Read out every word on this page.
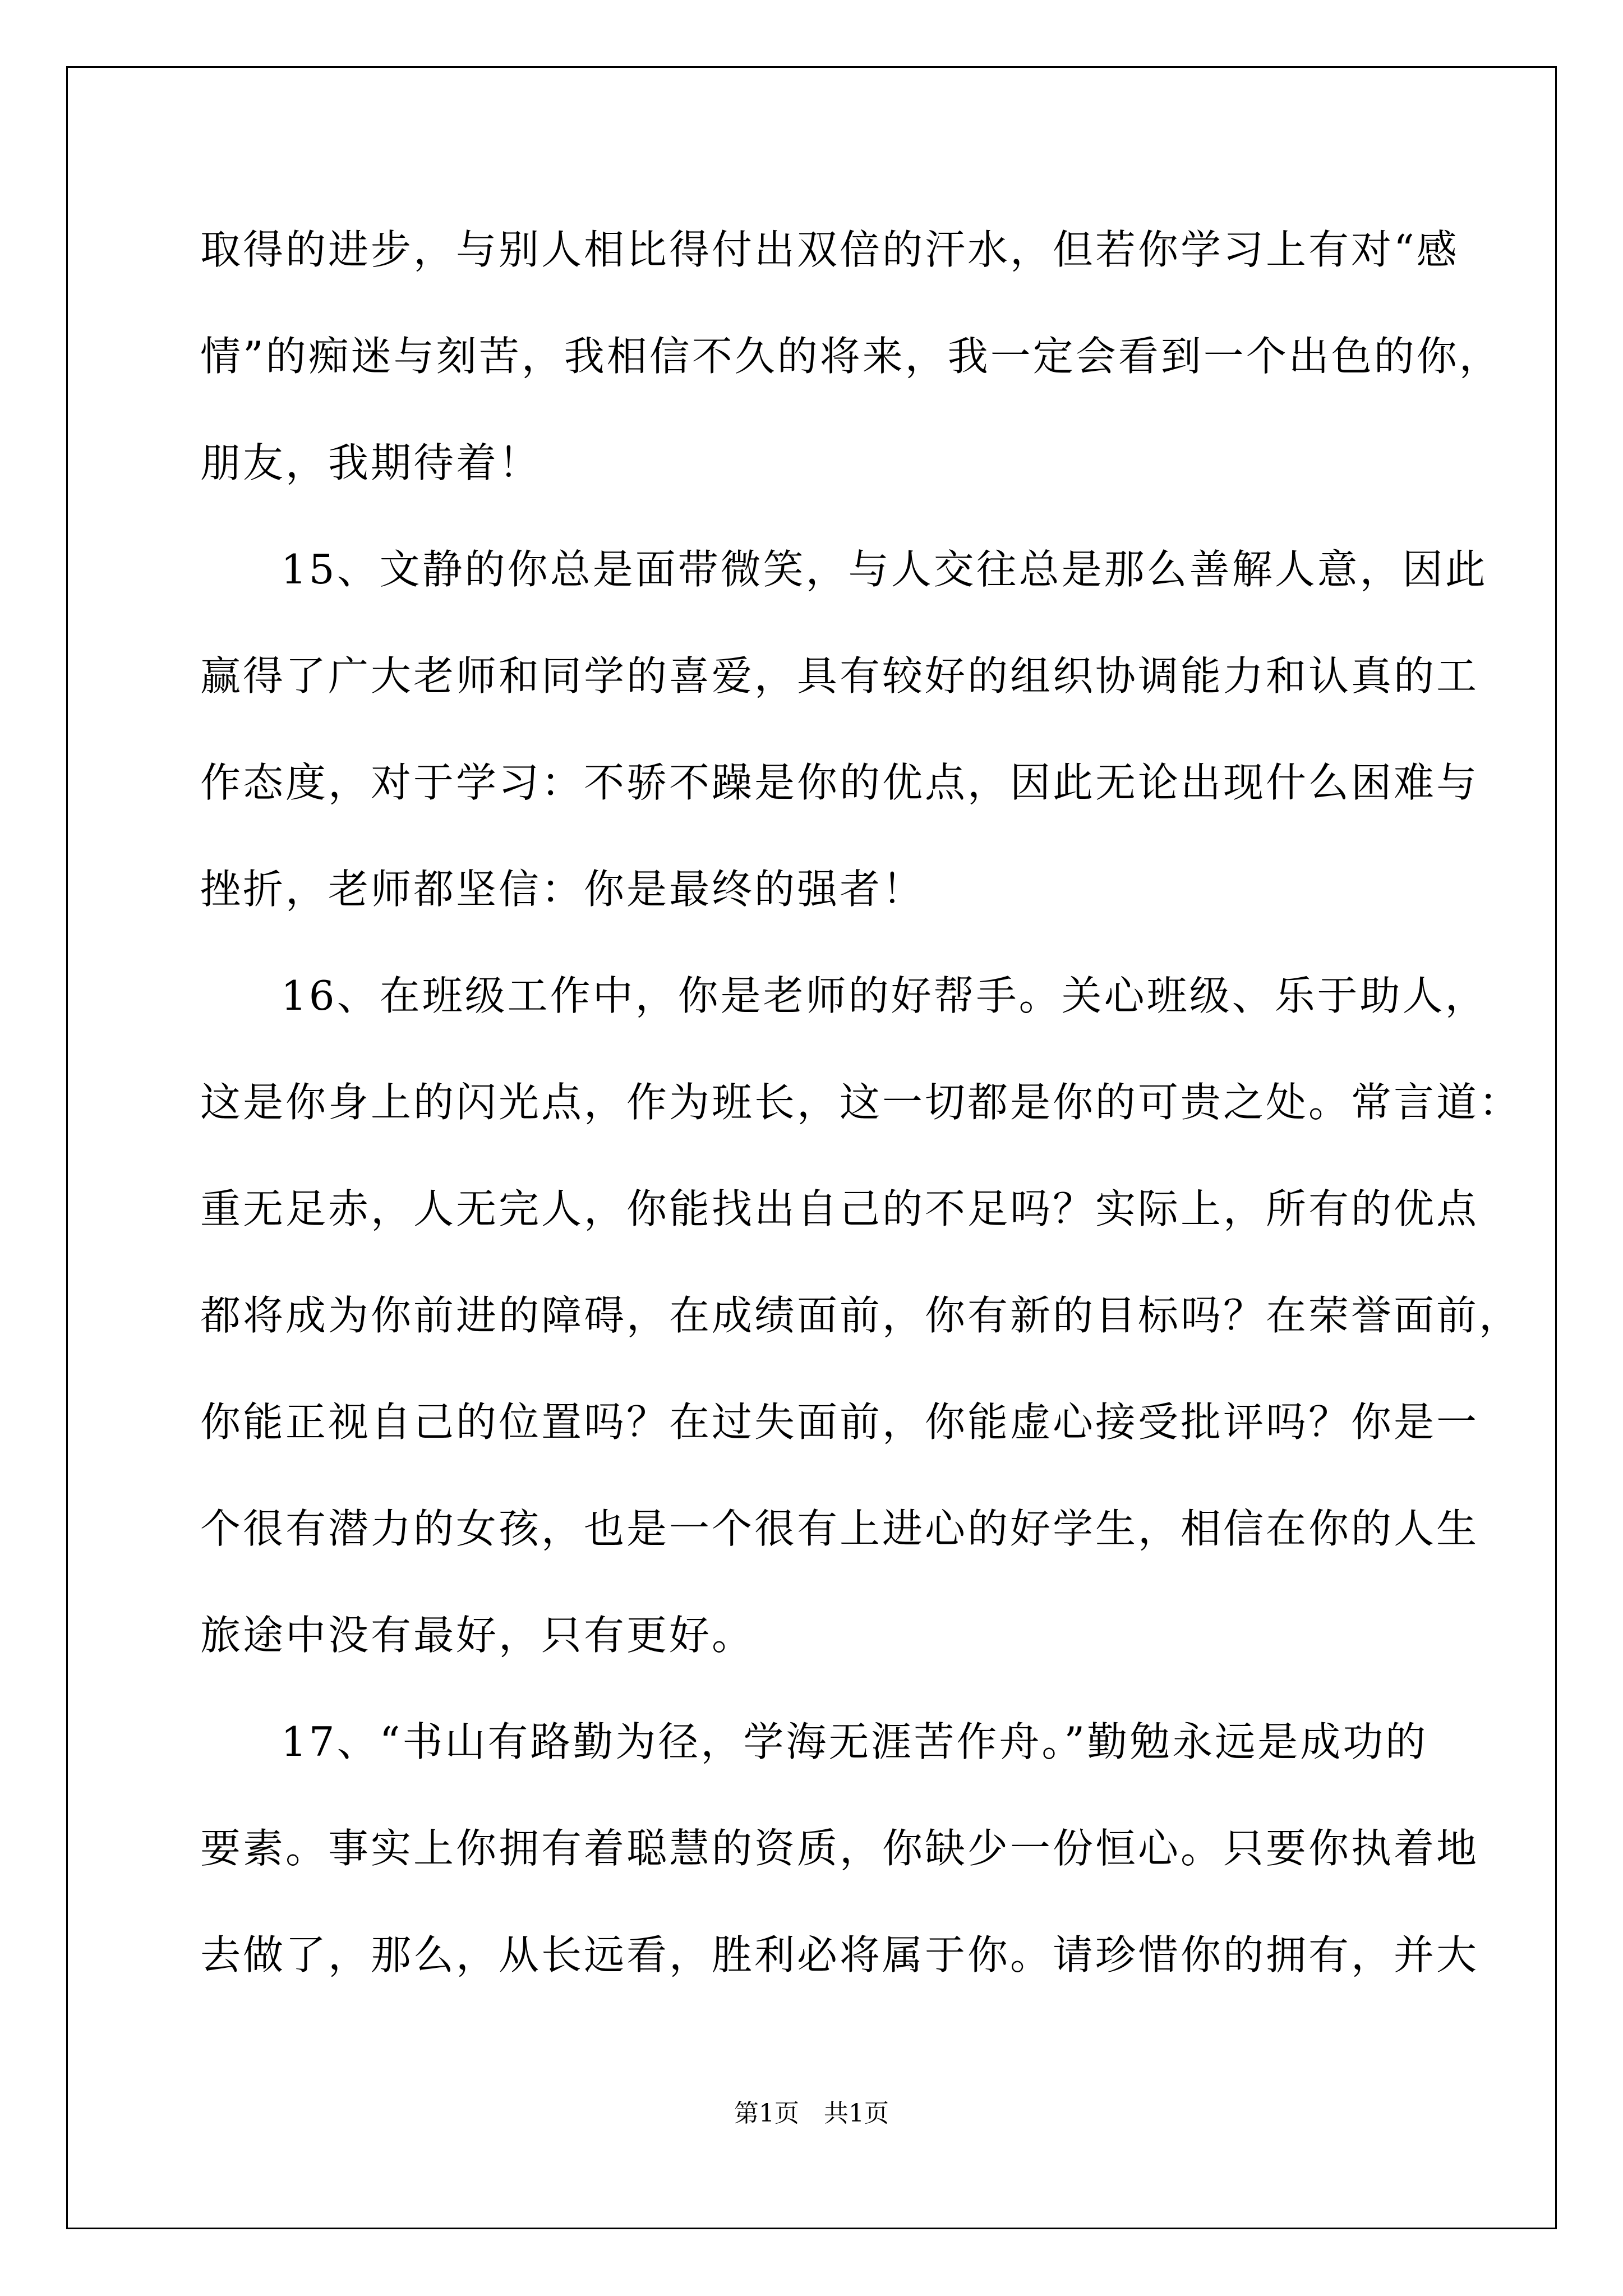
取得的进步，与别人相比得付出双倍的汗水，但若你学习上有对“感
情”的痴迷与刻苦，我相信不久的将来，我一定会看到一个出色的你，
朋友，我期待着！
15、文静的你总是面带微笑，与人交往总是那么善解人意，因此
赢得了广大老师和同学的喜爱，具有较好的组织协调能力和认真的工
作态度，对于学习：不骄不躁是你的优点，因此无论出现什么困难与
挫折，老师都坚信：你是最终的强者！
16、在班级工作中，你是老师的好帮手。关心班级、乐于助人，
这是你身上的闪光点，作为班长，这一切都是你的可贵之处。常言道：
重无足赤，人无完人，你能找出自己的不足吗？实际上，所有的优点
都将成为你前进的障碍，在成绩面前，你有新的目标吗？在荣誉面前，
你能正视自己的位置吗？在过失面前，你能虚心接受批评吗？你是一
个很有潜力的女孩，也是一个很有上进心的好学生，相信在你的人生
旅途中没有最好，只有更好。
17、“书山有路勤为径，学海无涯苦作舟。”勤勉永远是成功的
要素。事实上你拥有着聪慧的资质，你缺少一份恒心。只要你执着地
去做了，那么，从长远看，胜利必将属于你。请珍惜你的拥有，并大
第1页　共1页
